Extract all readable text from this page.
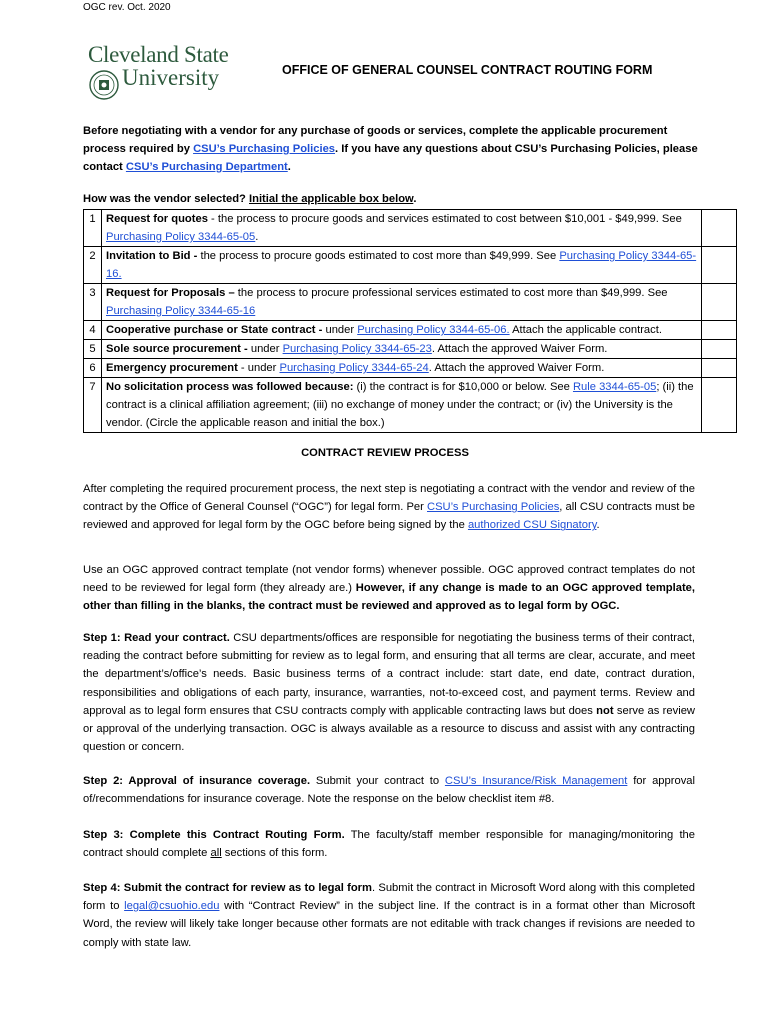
OGC rev. Oct. 2020
Cleveland State
University	OFFICE OF GENERAL COUNSEL CONTRACT ROUTING FORM
Before negotiating with a vendor for any purchase of goods or services, complete the applicable procurement process required by CSU’s Purchasing Policies. If you have any questions about CSU’s Purchasing Policies, please contact CSU’s Purchasing Department.
How was the vendor selected? Initial the applicable box below.
1	Request for quotes - the process to procure goods and services estimated to cost between $10,001 - $49,999. See Purchasing Policy 3344-65-05.	
2	Invitation to Bid - the process to procure goods estimated to cost more than $49,999. See Purchasing Policy 3344-65-16.	
3	Request for Proposals – the process to procure professional services estimated to cost more than $49,999. See Purchasing Policy 3344-65-16	
4	Cooperative purchase or State contract - under Purchasing Policy 3344-65-06. Attach the applicable contract.	
5	Sole source procurement - under Purchasing Policy 3344-65-23. Attach the approved Waiver Form.	
6	Emergency procurement - under Purchasing Policy 3344-65-24. Attach the approved Waiver Form.	
7	No solicitation process was followed because: (i) the contract is for $10,000 or below. See Rule 3344-65-05; (ii) the contract is a clinical affiliation agreement; (iii) no exchange of money under the contract; or (iv) the University is the vendor. (Circle the applicable reason and initial the box.)	
CONTRACT REVIEW PROCESS
After completing the required procurement process, the next step is negotiating a contract with the vendor and review of the contract by the Office of General Counsel (“OGC”) for legal form. Per CSU’s Purchasing Policies, all CSU contracts must be reviewed and approved for legal form by the OGC before being signed by the authorized CSU Signatory.
Use an OGC approved contract template (not vendor forms) whenever possible. OGC approved contract templates do not need to be reviewed for legal form (they already are.) However, if any change is made to an OGC approved template, other than filling in the blanks, the contract must be reviewed and approved as to legal form by OGC.
Step 1: Read your contract. CSU departments/offices are responsible for negotiating the business terms of their contract, reading the contract before submitting for review as to legal form, and ensuring that all terms are clear, accurate, and meet the department’s/office’s needs. Basic business terms of a contract include: start date, end date, contract duration, responsibilities and obligations of each party, insurance, warranties, not-to-exceed cost, and payment terms. Review and approval as to legal form ensures that CSU contracts comply with applicable contracting laws but does not serve as review or approval of the underlying transaction. OGC is always available as a resource to discuss and assist with any contracting question or concern.
Step 2: Approval of insurance coverage. Submit your contract to CSU’s Insurance/Risk Management for approval of/recommendations for insurance coverage. Note the response on the below checklist item #8.
Step 3: Complete this Contract Routing Form. The faculty/staff member responsible for managing/monitoring the contract should complete all sections of this form.
Step 4: Submit the contract for review as to legal form. Submit the contract in Microsoft Word along with this completed form to legal@csuohio.edu with “Contract Review” in the subject line. If the contract is in a format other than Microsoft Word, the review will likely take longer because other formats are not editable with track changes if revisions are needed to comply with state law.
